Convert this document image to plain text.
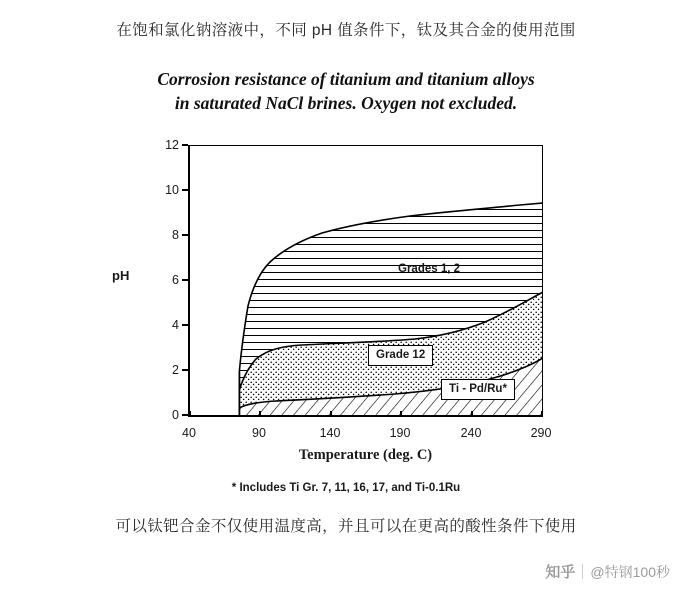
在饱和氯化钠溶液中，不同 pH 值条件下，钛及其合金的使用范围
Corrosion resistance of titanium and titanium alloys
in saturated NaCl brines. Oxygen not excluded.
pH	Grades 1, 2
Grade 12
Ti - Pd/Ru*
0
2
4
6
8
10
12
40	90	140	190	240	290
Temperature (deg. C)
* Includes Ti Gr. 7, 11, 16, 17, and Ti-0.1Ru
可以钛钯合金不仅使用温度高，并且可以在更高的酸性条件下使用
知乎 @特钢100秒
